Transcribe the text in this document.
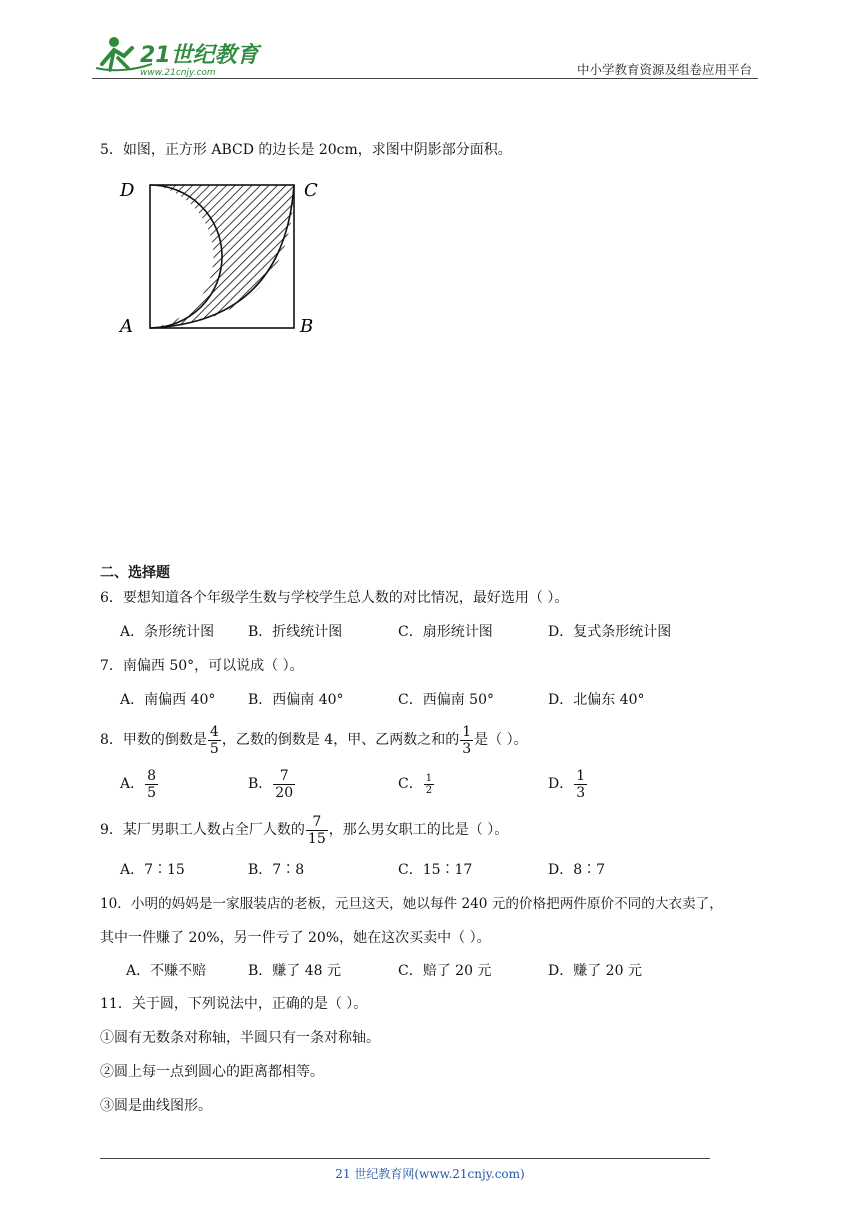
21世纪教育
www.21cnjy.com	中小学教育资源及组卷应用平台
5．如图，正方形 ABCD 的边长是 20cm，求图中阴影部分面积。
D	C
A	B
二、选择题
6．要想知道各个年级学生数与学校学生总人数的对比情况，最好选用（ ）。
A．条形统计图 B．折线统计图	C．扇形统计图	D．复式条形统计图
7．南偏西 50°，可以说成（ ）。
A．南偏西 40° B．西偏南 40°	C．西偏南 50°	D．北偏东 40°
8．甲数的倒数是 $\frac{4}{5}$ ，乙数的倒数是 4，甲、乙两数之和的 $\frac{1}{3}$ 是（ ）。
A． $\frac{8}{5}$	B． $\frac{7}{20}$	C． $\frac{1}{2}$	D． $\frac{1}{3}$
9．某厂男职工人数占全厂人数的 $\frac{7}{15}$ ，那么男女职工的比是（ ）。
A．7∶15	B．7∶8	C．15∶17	D．8∶7
10．小明的妈妈是一家服装店的老板，元旦这天，她以每件 240 元的价格把两件原价不同的大衣卖了，
其中一件赚了 20%，另一件亏了 20%，她在这次买卖中（ ）。
A．不赚不赔	B．赚了 48 元	C．赔了 20 元	D．赚了 20 元
11．关于圆，下列说法中，正确的是（ ）。
①圆有无数条对称轴，半圆只有一条对称轴。
②圆上每一点到圆心的距离都相等。
③圆是曲线图形。
21 世纪教育网(www.21cnjy.com)
